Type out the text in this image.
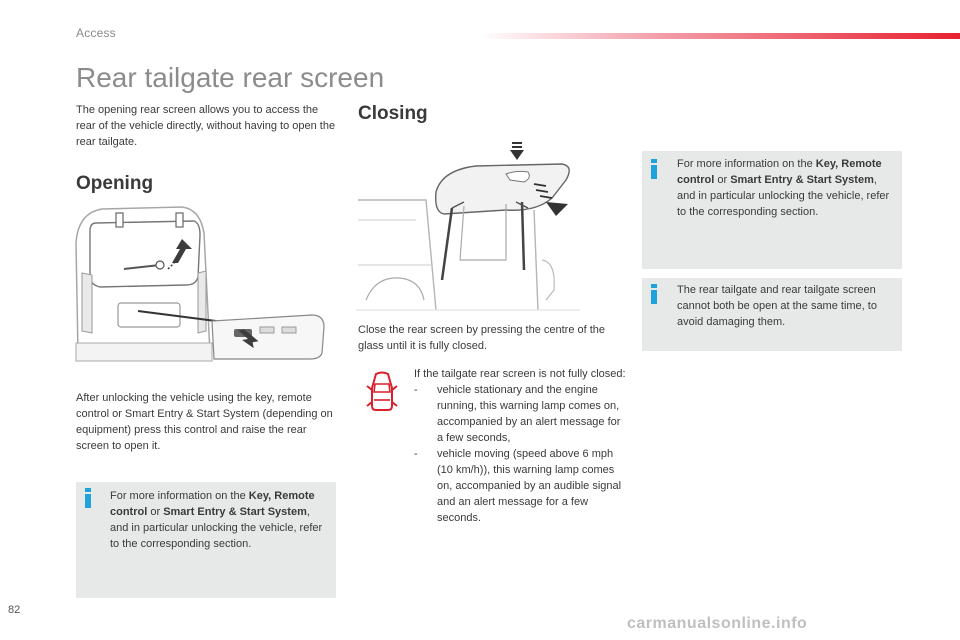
Access
Rear tailgate rear screen

The opening rear screen allows you to access the rear of the vehicle directly, without having to open the rear tailgate.

Opening

After unlocking the vehicle using the key, remote control or Smart Entry & Start System (depending on equipment) press this control and raise the rear screen to open it.

For more information on the Key, Remote control or Smart Entry & Start System, and in particular unlocking the vehicle, refer to the corresponding section.

Closing

Close the rear screen by pressing the centre of the glass until it is fully closed.

If the tailgate rear screen is not fully closed:

- vehicle stationary and the engine running, this warning lamp comes on, accompanied by an alert message for a few seconds,
- vehicle moving (speed above 6 mph (10 km/h)), this warning lamp comes on, accompanied by an audible signal and an alert message for a few seconds.

For more information on the Key, Remote control or Smart Entry & Start System, and in particular unlocking the vehicle, refer to the corresponding section.

The rear tailgate and rear tailgate screen cannot both be open at the same time, to avoid damaging them.

82
carmanualsonline.info
